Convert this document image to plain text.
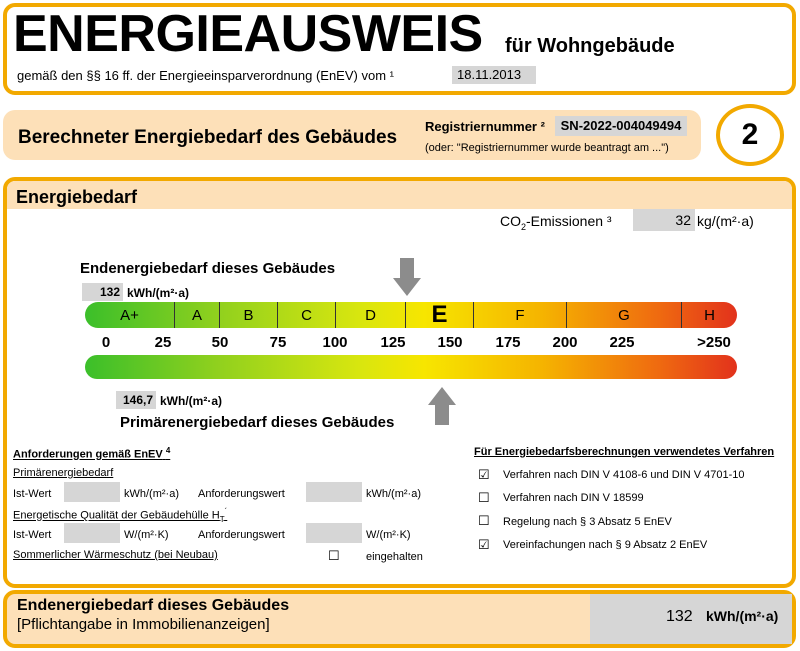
ENERGIEAUSWEIS für Wohngebäude
gemäß den §§ 16 ff. der Energieeinsparverordnung (EnEV) vom ¹	18.11.2013
Berechneter Energiebedarf des Gebäudes
Registriernummer ²	SN-2022-004049494
(oder: "Registriernummer wurde beantragt am ...")	2
Energiebedarf
$CO_2$-Emissionen ³	32 kg/(m²·a)
Endenergiebedarf dieses Gebäudes
132 kWh/(m²·a)
A+	A	B	C	D	E	F	G	H
0	25	50	75 100 125 150 175 200 225	>250
146,7 kWh/(m²·a)
Primärenergiebedarf dieses Gebäudes
Anforderungen gemäß EnEV $^4$
Primärenergiebedarf
Ist-Wert	kWh/(m²·a) Anforderungswert	kWh/(m²·a)
Energetische Qualität der Gebäudehülle $H_T^´$
Ist-Wert	W/(m²·K)	Anforderungswert	W/(m²·K)
Sommerlicher Wärmeschutz (bei Neubau)	☐ eingehalten
Für Energiebedarfsberechnungen verwendetes Verfahren
☑ Verfahren nach DIN V 4108-6 und DIN V 4701-10
☐ Verfahren nach DIN V 18599
☐ Regelung nach § 3 Absatz 5 EnEV
☑ Vereinfachungen nach § 9 Absatz 2 EnEV
Endenergiebedarf dieses Gebäudes
[Pflichtangabe in Immobilienanzeigen]	132 kWh/(m²·a)
